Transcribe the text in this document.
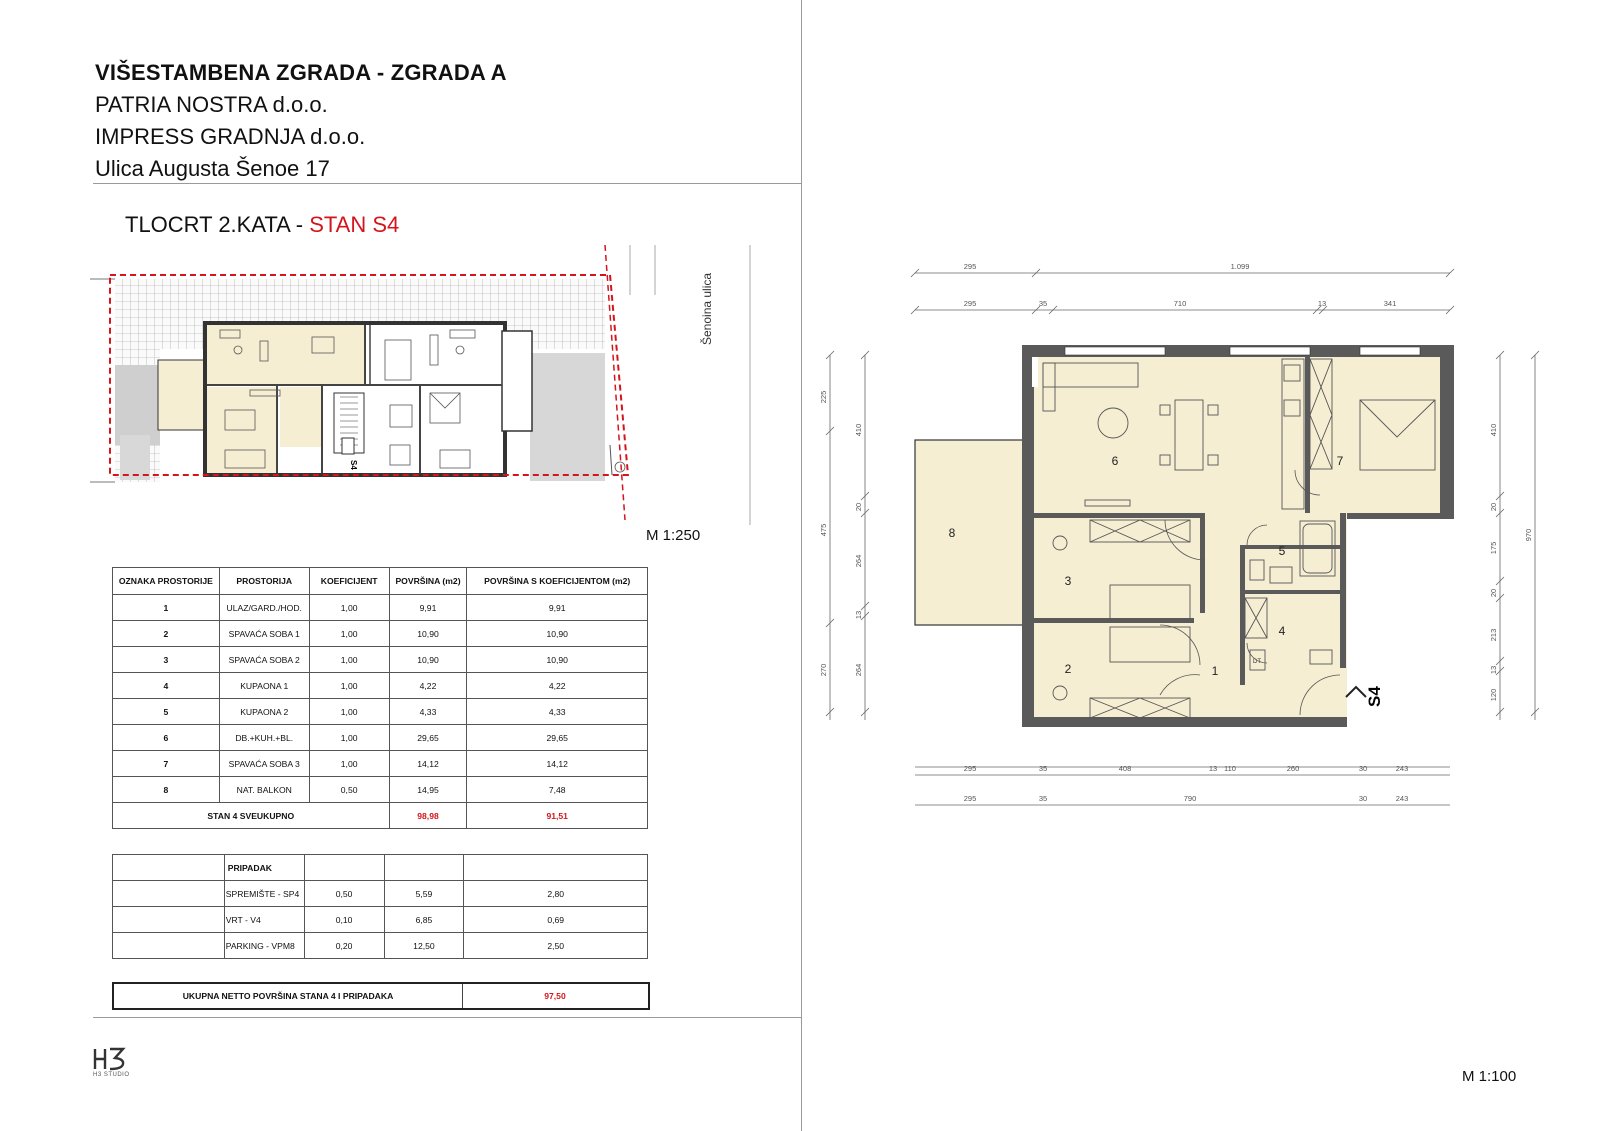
VIŠESTAMBENA ZGRADA - ZGRADA A
PATRIA NOSTRA d.o.o.
IMPRESS GRADNJA d.o.o.
Ulica Augusta Šenoe 17
TLOCRT 2.KATA - STAN S4
S4
Šenoina ulica
M 1:250
OZNAKA PROSTORIJE	PROSTORIJA	KOEFICIJENT	POVRŠINA (m2)	POVRŠINA S KOEFICIJENTOM (m2)
1	ULAZ/GARD./HOD.	1,00	9,91	9,91
2	SPAVAĆA SOBA 1	1,00	10,90	10,90
3	SPAVAĆA SOBA 2	1,00	10,90	10,90
4	KUPAONA 1	1,00	4,22	4,22
5	KUPAONA 2	1,00	4,33	4,33
6	DB.+KUH.+BL.	1,00	29,65	29,65
7	SPAVAĆA SOBA 3	1,00	14,12	14,12
8	NAT. BALKON	0,50	14,95	7,48
STAN 4 SVEUKUPNO			98,98	91,51
	PRIPADAK			
	SPREMIŠTE - SP4	0,50	5,59	2,80
	VRT - V4	0,10	6,85	0,69
	PARKING - VPM8	0,20	12,50	2,50
UKUPNA NETTO POVRŠINA STANA 4 I PRIPADAKA	97,50
H3
H3 STUDIO
295	1.099
295	35	710	13	341
295	35	408	13 110	260	30	243
295	35	790	30	243
225
475
270
410
20
264
13
264
410
20
175
20
213
13
120
970
DT
1
2
3
4
5
6	7
8
S4
M 1:100
